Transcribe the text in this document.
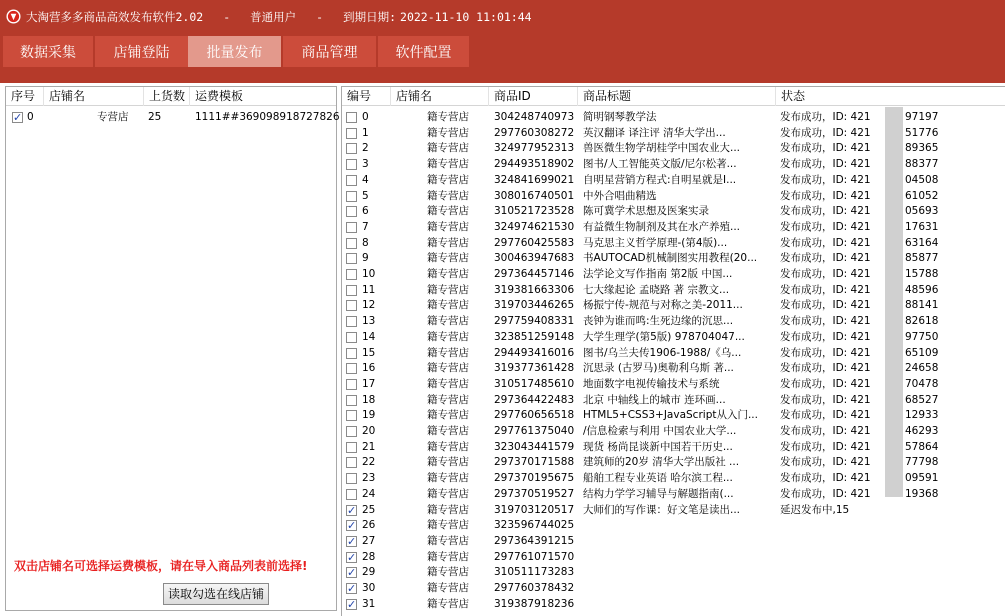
大淘营多多商品高效发布软件2.02 - 普通用户 - 到期日期: 2022-11-10 11:01:44
数据采集	店铺登陆	批量发布	商品管理	软件配置
序号	店铺名	上货数 运费模板
✓
0	专营店 25	1111##369098918727826
双击店铺名可选择运费模板，请在导入商品列表前选择!
读取勾选在线店铺
编号	店铺名	商品ID	商品标题	状态
0	籍专营店 304248740973 简明钢琴教学法	发布成功，ID: 421	97197
1	籍专营店 297760308272 英汉翻译 译注评 清华大学出...	发布成功，ID: 421	51776
2	籍专营店 324977952313 兽医微生物学胡桂学中国农业大...	发布成功，ID: 421	89365
3	籍专营店 294493518902 图书/人工智能英文版/尼尔松著...	发布成功，ID: 421	88377
4	籍专营店 324841699021 自明星营销方程式:自明星就是I...	发布成功，ID: 421	04508
5	籍专营店 308016740501 中外合唱曲精选	发布成功，ID: 421	61052
6	籍专营店 310521723528 陈可冀学术思想及医案实录	发布成功，ID: 421	05693
7	籍专营店 324974621530 有益微生物制剂及其在水产养殖...	发布成功，ID: 421	17631
8	籍专营店 297760425583 马克思主义哲学原理-(第4版)...	发布成功，ID: 421	63164
9	籍专营店 300463947683 书AUTOCAD机械制图实用教程(20...	发布成功，ID: 421	85877
10	籍专营店 297364457146 法学论文写作指南 第2版 中国...	发布成功，ID: 421	15788
11	籍专营店 319381663306 七大缘起论 孟晓路 著 宗教文...	发布成功，ID: 421	48596
12	籍专营店 319703446265 杨振宁传-规范与对称之美-2011...	发布成功，ID: 421	88141
13	籍专营店 297759408331 丧钟为谁而鸣:生死边缘的沉思...	发布成功，ID: 421	82618
14	籍专营店 323851259148 大学生理学(第5版) 978704047...	发布成功，ID: 421	97750
15	籍专营店 294493416016 图书/乌兰夫传1906-1988/《乌...	发布成功，ID: 421	65109
16	籍专营店 319377361428 沉思录 (古罗马)奥勒利乌斯 著...	发布成功，ID: 421	24658
17	籍专营店 310517485610 地面数字电视传输技术与系统	发布成功，ID: 421	70478
18	籍专营店 297364422483 北京 中轴线上的城市 连环画...	发布成功，ID: 421	68527
19	籍专营店 297760656518 HTML5+CSS3+JavaScript从入门...	发布成功，ID: 421	12933
20	籍专营店 297761375040 /信息检索与利用 中国农业大学...	发布成功，ID: 421	46293
21	籍专营店 323043441579 现货 杨尚昆谈新中国若干历史...	发布成功，ID: 421	57864
22	籍专营店 297370171588 建筑师的20岁 清华大学出版社 ...	发布成功，ID: 421	77798
23	籍专营店 297370195675 船舶工程专业英语 哈尔滨工程...	发布成功，ID: 421	09591
24	籍专营店 297370519527 结构力学学习辅导与解题指南(...	发布成功，ID: 421	19368
✓
25	籍专营店 319703120517 大师们的写作课：好文笔是读出...	延迟发布中,15
✓
26	籍专营店 323596744025
✓
27	籍专营店 297364391215
✓
28	籍专营店 297761071570
✓
29	籍专营店 310511173283
✓
30	籍专营店 297760378432
✓
31	籍专营店 319387918236
